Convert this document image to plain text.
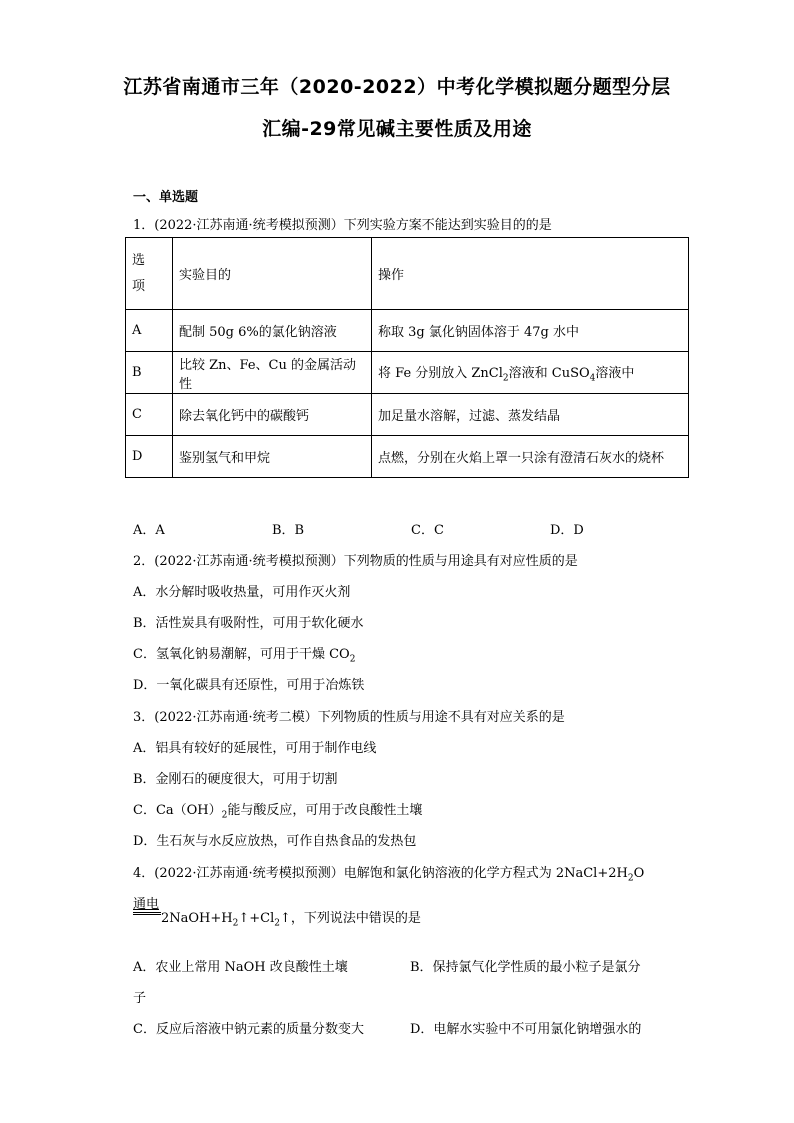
江苏省南通市三年（2020-2022）中考化学模拟题分题型分层
汇编-29常见碱主要性质及用途
一、单选题
1．(2022·江苏南通·统考模拟预测）下列实验方案不能达到实验目的的是
选
项	实验目的	操作
A	配制 50g 6%的氯化钠溶液	称取 3g 氯化钠固体溶于 47g 水中
B	比较 Zn、Fe、Cu 的金属活动性	将 Fe 分别放入 ZnCl$_2$溶液和 CuSO$_4$溶液中
C	除去氧化钙中的碳酸钙	加足量水溶解，过滤、蒸发结晶
D	鉴别氢气和甲烷	点燃，分别在火焰上罩一只涂有澄清石灰水的烧杯
A．A	B．B	C．C	D．D
2．(2022·江苏南通·统考模拟预测）下列物质的性质与用途具有对应性质的是
A．水分解时吸收热量，可用作灭火剂
B．活性炭具有吸附性，可用于软化硬水
C．氢氧化钠易潮解，可用于干燥 $CO_2$
D．一氧化碳具有还原性，可用于冶炼铁
3．(2022·江苏南通·统考二模）下列物质的性质与用途不具有对应关系的是
A．铝具有较好的延展性，可用于制作电线
B．金刚石的硬度很大，可用于切割
C．$Ca(OH)_2$能与酸反应，可用于改良酸性土壤
D．生石灰与水反应放热，可作自热食品的发热包
4．(2022·江苏南通·统考模拟预测）电解饱和氯化钠溶液的化学方程式为 $2NaCl+2H_2O$
通电
$2NaOH+H_2↑+Cl_2↑$，下列说法中错误的是
A．农业上常用 NaOH 改良酸性土壤	B．保持氯气化学性质的最小粒子是氯分
子
C．反应后溶液中钠元素的质量分数变大	D．电解水实验中不可用氯化钠增强水的
